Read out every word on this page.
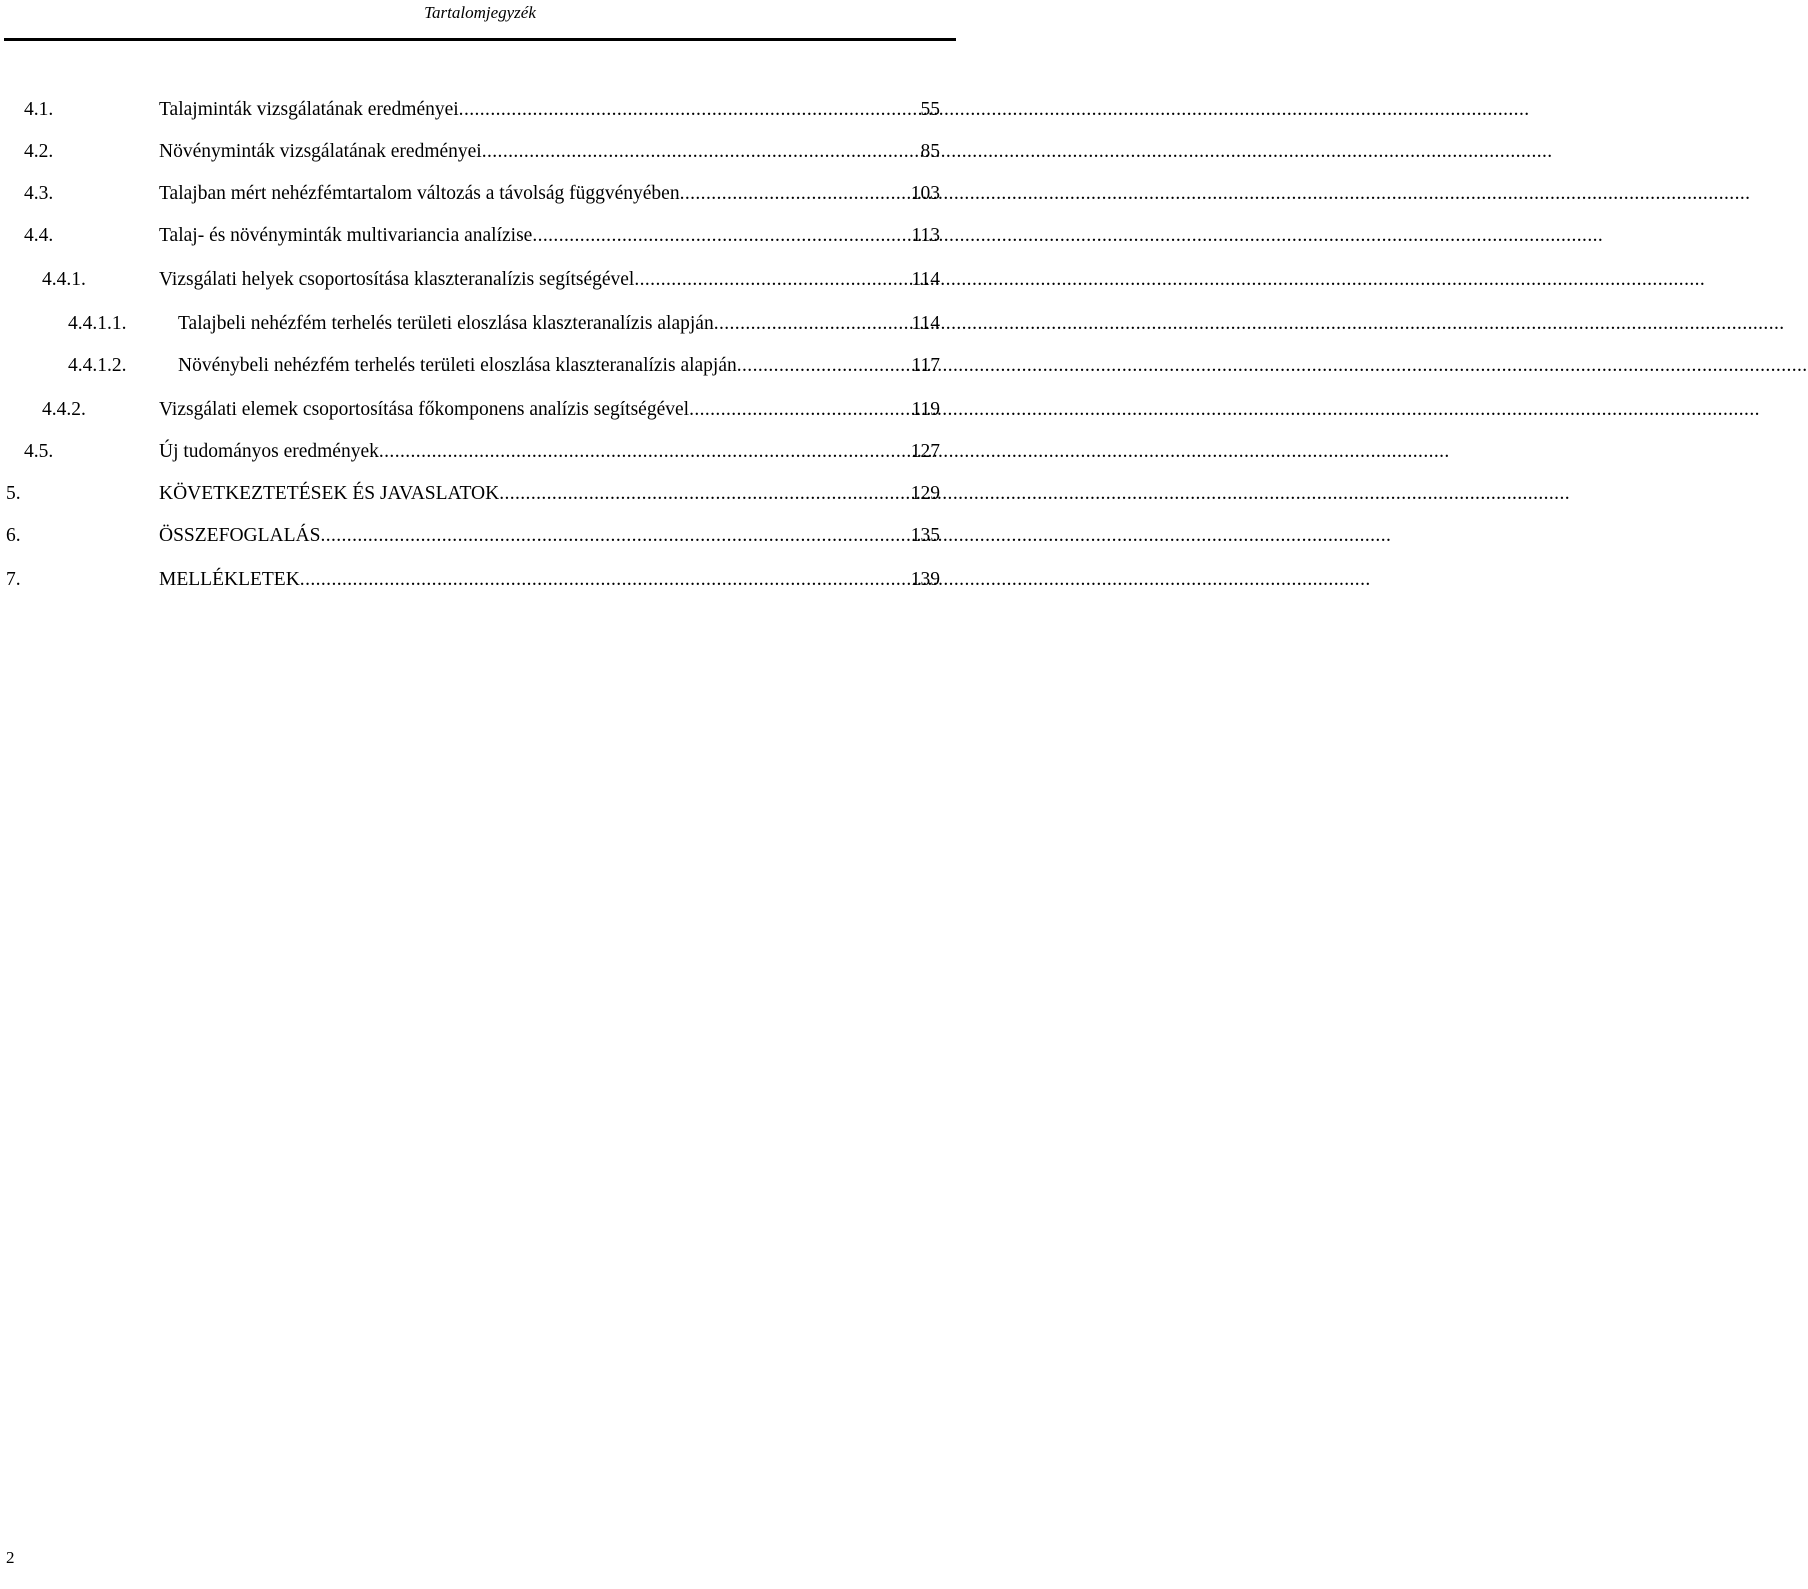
Tartalomjegyzék
4.1.	Talajminták vizsgálatának eredményei .....	55
4.2.	Növényminták vizsgálatának eredményei .....	85
4.3.	Talajban mért nehézfémtartalom változás a távolság függvényében .....	103
4.4.	Talaj- és növényminták multivariancia analízise .....	113
4.4.1.	Vizsgálati helyek csoportosítása klaszteranalízis segítségével .....	114
4.4.1.1.	Talajbeli nehézfém terhelés területi eloszlása klaszteranalízis alapján .....	114
4.4.1.2.	Növénybeli nehézfém terhelés területi eloszlása klaszteranalízis alapján .....	117
4.4.2.	Vizsgálati elemek csoportosítása főkomponens analízis segítségével .....	119
4.5.	Új tudományos eredmények .....	127
5.	KÖVETKEZTETÉSEK ÉS JAVASLATOK .....	129
6.	ÖSSZEFOGLALÁS .....	135
7.	MELLÉKLETEK .....	139
2
